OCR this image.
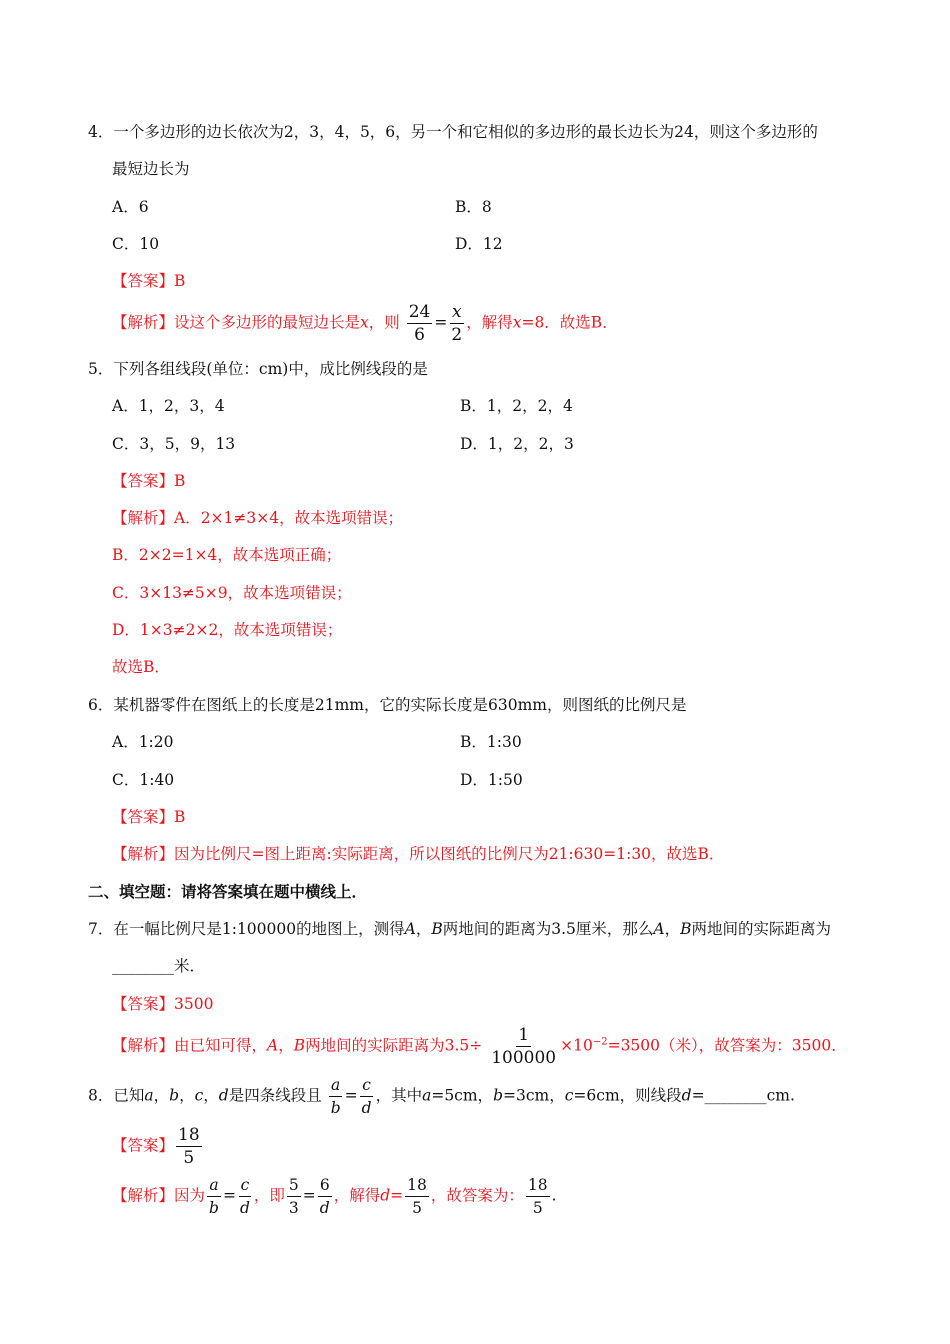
4．一个多边形的边长依次为2，3，4，5，6，另一个和它相似的多边形的最长边长为24，则这个多边形的
最短边长为
A．6	B．8
C．10	D．12
【答案】B
【解析】设这个多边形的最短边长是x，则 $\frac{24}{6} = \frac{x}{2}$ ，解得x=8．故选B．
5．下列各组线段(单位：cm)中，成比例线段的是
A．1，2，3，4	B．1，2，2，4
C．3，5，9，13	D．1，2，2，3
【答案】B
【解析】A．2×1≠3×4，故本选项错误；
B．2×2=1×4，故本选项正确；
C．3×13≠5×9，故本选项错误；
D．1×3≠2×2，故本选项错误；
故选B．
6．某机器零件在图纸上的长度是21mm，它的实际长度是630mm，则图纸的比例尺是
A．1:20	B．1:30
C．1:40	D．1:50
【答案】B
【解析】因为比例尺=图上距离:实际距离，所以图纸的比例尺为21:630=1:30，故选B．
二、填空题：请将答案填在题中横线上．
7．在一幅比例尺是1:100000的地图上，测得A，B两地间的距离为3.5厘米，那么A，B两地间的实际距离为
________米．
【答案】3500
【解析】由已知可得，A，B两地间的实际距离为$3.5\div \frac{1}{100000} \times 10^{-2}=3500$（米），故答案为：3500．
8．已知a，b，c，d是四条线段且 $\frac{a}{b} = \frac{c}{d}$ ，其中a=5cm，b=3cm，c=6cm，则线段d=________cm.
【答案】 $\frac{18}{5}$
【解析】因为 $\frac{a}{b} = \frac{c}{d}$ ，即 $\frac{5}{3} = \frac{6}{d}$ ，解得$d= \frac{18}{5}$ ，故答案为： $\frac{18}{5}$ .
